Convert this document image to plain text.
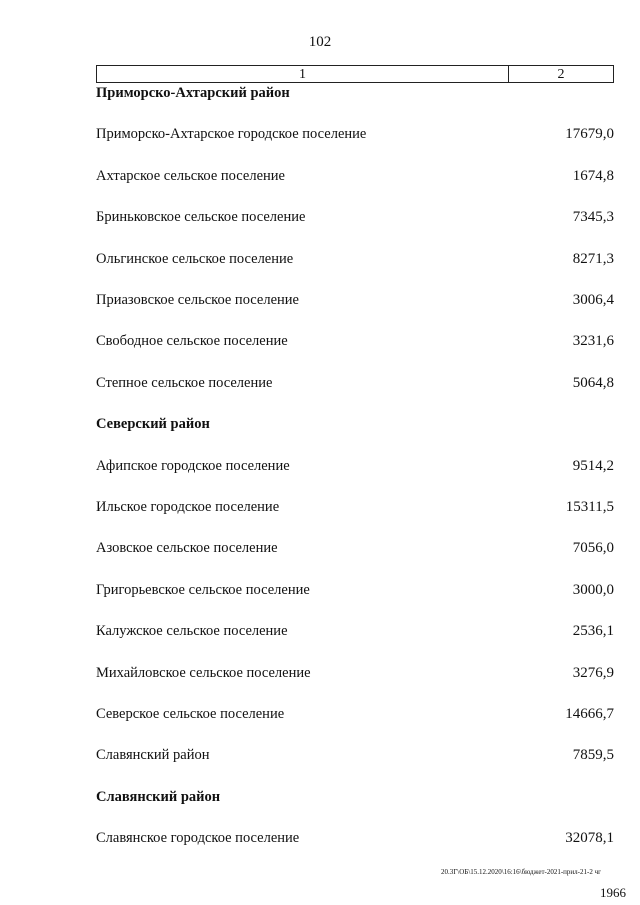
102
1	2
Приморско-Ахтарский район
Приморско-Ахтарское городское поселение	17679,0
Ахтарское сельское поселение	1674,8
Бриньковское сельское поселение	7345,3
Ольгинское сельское поселение	8271,3
Приазовское сельское поселение	3006,4
Свободное сельское поселение	3231,6
Степное сельское поселение	5064,8
Северский район
Афипское городское поселение	9514,2
Ильское городское поселение	15311,5
Азовское сельское поселение	7056,0
Григорьевское сельское поселение	3000,0
Калужское сельское поселение	2536,1
Михайловское сельское поселение	3276,9
Северское сельское поселение	14666,7
Славянский район	7859,5
Славянский район
Славянское городское поселение	32078,1
20.3Г\ОБ\15.12.2020\16:16\бюджет-2021-прил-21-2 чг
1966
